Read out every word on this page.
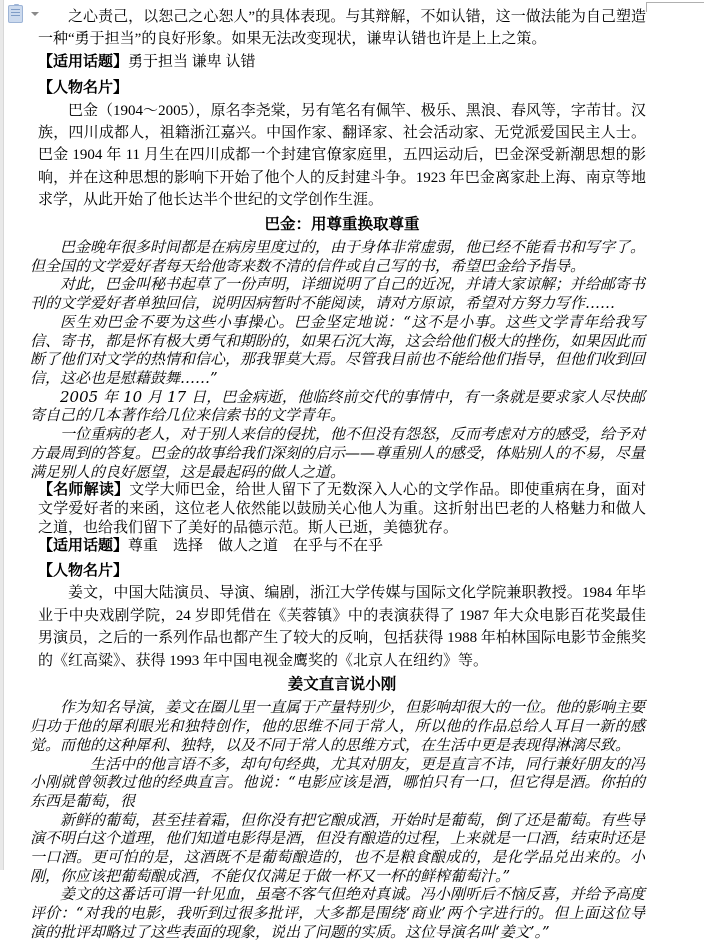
之心责己，以恕己之心恕人”的具体表现。与其辩解，不如认错，这一做法能为自己塑造一种“勇于担当”的良好形象。如果无法改变现状，谦卑认错也许是上上之策。

【适用话题】勇于担当 谦卑 认错

【人物名片】

巴金（1904～2005），原名李尧棠，另有笔名有佩竿、极乐、黑浪、春风等，字芾甘。汉族，四川成都人，祖籍浙江嘉兴。中国作家、翻译家、社会活动家、无党派爱国民主人士。巴金 1904 年 11 月生在四川成都一个封建官僚家庭里，五四运动后，巴金深受新潮思想的影响，并在这种思想的影响下开始了他个人的反封建斗争。1923 年巴金离家赴上海、南京等地求学，从此开始了他长达半个世纪的文学创作生涯。

巴金：用尊重换取尊重

巴金晚年很多时间都是在病房里度过的，由于身体非常虚弱，他已经不能看书和写字了。但全国的文学爱好者每天给他寄来数不清的信件或自己写的书，希望巴金给予指导。

对此，巴金叫秘书起草了一份声明，详细说明了自己的近况，并请大家谅解；并给邮寄书刊的文学爱好者单独回信，说明因病暂时不能阅读，请对方原谅，希望对方努力写作……

医生劝巴金不要为这些小事操心。巴金坚定地说：“这不是小事。这些文学青年给我写信、寄书，都是怀有极大勇气和期盼的，如果石沉大海，这会给他们极大的挫伤，如果因此而断了他们对文学的热情和信心，那我罪莫大焉。尽管我目前也不能给他们指导，但他们收到回信，这必也是慰藉鼓舞……”

2005 年 10 月 17 日，巴金病逝，他临终前交代的事情中，有一条就是要求家人尽快邮寄自己的几本著作给几位来信索书的文学青年。

一位重病的老人，对于别人来信的侵扰，他不但没有怨怒，反而考虑对方的感受，给予对方最周到的答复。巴金的故事给我们深刻的启示——尊重别人的感受，体贴别人的不易，尽量满足别人的良好愿望，这是最起码的做人之道。

【名师解读】文学大师巴金，给世人留下了无数深入人心的文学作品。即使重病在身，面对文学爱好者的来函，这位老人依然能以鼓励关心他人为重。这折射出巴老的人格魅力和做人之道，也给我们留下了美好的品德示范。斯人已逝，美德犹存。

【适用话题】尊重　选择　做人之道　在乎与不在乎

【人物名片】

姜文，中国大陆演员、导演、编剧，浙江大学传媒与国际文化学院兼职教授。1984 年毕业于中央戏剧学院，24 岁即凭借在《芙蓉镇》中的表演获得了 1987 年大众电影百花奖最佳男演员，之后的一系列作品也都产生了较大的反响，包括获得 1988 年柏林国际电影节金熊奖的《红高粱》、获得 1993 年中国电视金鹰奖的《北京人在纽约》等。

姜文直言说小刚

作为知名导演，姜文在圈儿里一直属于产量特别少，但影响却很大的一位。他的影响主要归功于他的犀利眼光和独特创作，他的思维不同于常人，所以他的作品总给人耳目一新的感觉。而他的这种犀利、独特，以及不同于常人的思维方式，在生活中更是表现得淋漓尽致。

　　生活中的他言语不多，却句句经典，尤其对朋友，更是直言不讳，同行兼好朋友的冯小刚就曾领教过他的经典直言。他说：“电影应该是酒，哪怕只有一口，但它得是酒。你拍的东西是葡萄，很

新鲜的葡萄，甚至挂着霜，但你没有把它酿成酒，开始时是葡萄，倒了还是葡萄。有些导演不明白这个道理，他们知道电影得是酒，但没有酿造的过程，上来就是一口酒，结束时还是一口酒。更可怕的是，这酒既不是葡萄酿造的，也不是粮食酿成的，是化学品兑出来的。小刚，你应该把葡萄酿成酒，不能仅仅满足于做一杯又一杯的鲜榨葡萄汁。”

姜文的这番话可谓一针见血，虽毫不客气但绝对真诚。冯小刚听后不恼反喜，并给予高度评价：“对我的电影，我听到过很多批评，大多都是围绕‘商业’两个字进行的。但上面这位导演的批评却略过了这些表面的现象，说出了问题的实质。这位导演名叫‘姜文’。”
